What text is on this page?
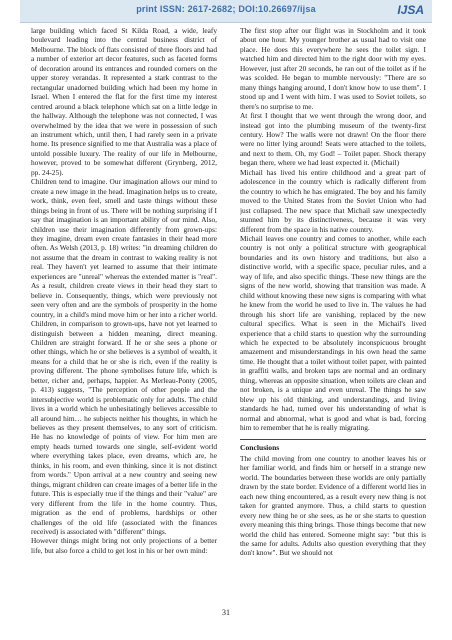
print ISSN: 2617-2682; DOI:10.26697/ijsa	IJSA

large building which faced St Kilda Road, a wide, leafy boulevard leading into the central business district of Melbourne. The block of flats consisted of three floors and had a number of exterior art decor features, such as faceted forms of decoration around its entrances and rounded corners on the upper storey verandas. It represented a stark contrast to the rectangular unadorned building which had been my home in Israel. When I entered the flat for the first time my interest centred around a black telephone which sat on a little ledge in the hallway. Although the telephone was not connected, I was overwhelmed by the idea that we were in possession of such an instrument which, until then, I had rarely seen in a private home. Its presence signified to me that Australia was a place of untold possible luxury. The reality of our life in Melbourne, however, proved to be somewhat different (Grynberg, 2012, pp. 24-25).

Children tend to imagine. Our imagination allows our mind to create a new image in the head. Imagination helps us to create, work, think, even feel, smell and taste things without these things being in front of us. There will be nothing surprising if I say that imagination is an important ability of our mind. Also, children use their imagination differently from grown-ups: they imagine, dream even create fantasies in their head more often. As Welsh (2013, p. 18) writes: "in dreaming children do not assume that the dream in contrast to waking reality is not real. They haven't yet learned to assume that their intimate experiences are "unreal" whereas the extended matter is "real". As a result, children create views in their head they start to believe in. Consequently, things, which were previously not seen very often and are the symbols of prosperity in the home country, in a child's mind move him or her into a richer world. Children, in comparison to grown-ups, have not yet learned to distinguish between a hidden meaning, direct meaning. Children are straight forward. If he or she sees a phone or other things, which he or she believes is a symbol of wealth, it means for a child that he or she is rich, even if the reality is proving different. The phone symbolises future life, which is better, richer and, perhaps, happier. As Merleau-Ponty (2005, p. 413) suggests, "The perception of other people and the intersubjective world is problematic only for adults. The child lives in a world which he unhesitatingly believes accessible to all around him… he subjects neither his thoughts, in which he believes as they present themselves, to any sort of criticism. He has no knowledge of points of view. For him men are empty heads turned towards one single, self-evident world where everything takes place, even dreams, which are, he thinks, in his room, and even thinking, since it is not distinct from words." Upon arrival at a new country and seeing new things, migrant children can create images of a better life in the future. This is especially true if the things and their "value" are very different from the life in the home country. Thus, migration as the end of problems, hardships or other challenges of the old life (associated with the finances received) is associated with "different" things.

However things might bring not only projections of a better life, but also force a child to get lost in his or her own mind:

The first stop after our flight was in Stockholm and it took about one hour. My younger brother as usual had to visit one place. He does this everywhere he sees the toilet sign. I watched him and directed him to the right door with my eyes. However, just after 20 seconds, he ran out of the toilet as if he was scolded. He began to mumble nervously: "There are so many things hanging around, I don't know how to use them". I stood up and I went with him. I was used to Soviet toilets, so there's no surprise to me.

At first I thought that we went through the wrong door, and instead got into the plumbing museum of the twenty-first century. How? The walls were not drawn! On the floor there were no litter lying around! Seats were attached to the toilets, and next to them. Oh, my God! – Toilet paper. Shock therapy began there, where we had least expected it. (Michail)

Michail has lived his entire childhood and a great part of adolescence in the country which is radically different from the country to which he has emigrated. The boy and his family moved to the United States from the Soviet Union who had just collapsed. The new space that Michail saw unexpectedly stunned him by its distinctiveness, because it was very different from the space in his native country.

Michail leaves one country and comes to another, while each country is not only a political structure with geographical boundaries and its own history and traditions, but also a distinctive world, with a specific space, peculiar rules, and a way of life, and also specific things. These new things are the signs of the new world, showing that transition was made. A child without knowing these new signs is comparing with what he knew from the world he used to live in. The values he had through his short life are vanishing, replaced by the new cultural specifics. What is seen in the Michail's lived experience that a child starts to question why the surrounding which he expected to be absolutely inconspicuous brought amazement and misunderstandings in his own head the same time. He thought that a toilet without toilet paper, with painted in graffiti walls, and broken taps are normal and an ordinary thing, whereas an opposite situation, when toilets are clean and not broken, is a unique and even unreal. The things he saw blew up his old thinking, and understandings, and living standards he had, turned over his understanding of what is normal and abnormal, what is good and what is bad, forcing him to remember that he is really migrating.

Conclusions

The child moving from one country to another leaves his or her familiar world, and finds him or herself in a strange new world. The boundaries between these worlds are only partially drawn by the state border. Evidence of a different world lies in each new thing encountered, as a result every new thing is not taken for granted anymore. Thus, a child starts to question every new thing he or she sees, as he or she starts to question every meaning this thing brings. Those things become that new world the child has entered. Someone might say: "but this is the same for adults. Adults also question everything that they don't know". But we should not

31
